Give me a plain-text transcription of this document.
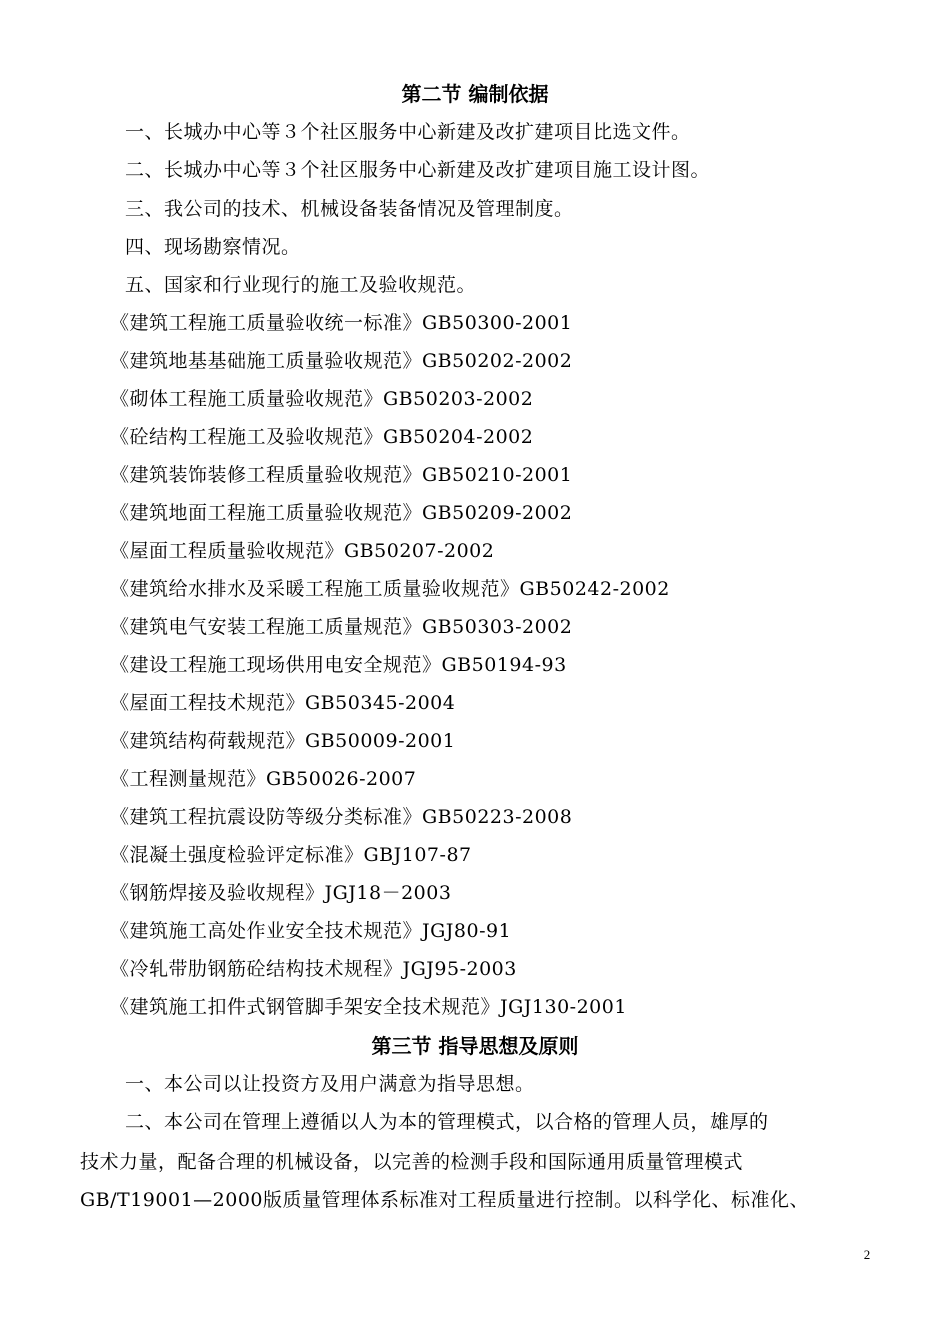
第二节 编制依据
一、长城办中心等３个社区服务中心新建及改扩建项目比选文件。
二、长城办中心等３个社区服务中心新建及改扩建项目施工设计图。
三、我公司的技术、机械设备装备情况及管理制度。
四、现场勘察情况。
五、国家和行业现行的施工及验收规范。
《建筑工程施工质量验收统一标准》GB50300-2001
《建筑地基基础施工质量验收规范》GB50202-2002
《砌体工程施工质量验收规范》GB50203-2002
《砼结构工程施工及验收规范》GB50204-2002
《建筑装饰装修工程质量验收规范》GB50210-2001
《建筑地面工程施工质量验收规范》GB50209-2002
《屋面工程质量验收规范》GB50207-2002
《建筑给水排水及采暖工程施工质量验收规范》GB50242-2002
《建筑电气安装工程施工质量规范》GB50303-2002
《建设工程施工现场供用电安全规范》GB50194-93
《屋面工程技术规范》GB50345-2004
《建筑结构荷载规范》GB50009-2001
《工程测量规范》GB50026-2007
《建筑工程抗震设防等级分类标准》GB50223-2008
《混凝土强度检验评定标准》GBJ107-87
《钢筋焊接及验收规程》JGJ18－2003
《建筑施工高处作业安全技术规范》JGJ80-91
《冷轧带肋钢筋砼结构技术规程》JGJ95-2003
《建筑施工扣件式钢管脚手架安全技术规范》JGJ130-2001
第三节 指导思想及原则
一、本公司以让投资方及用户满意为指导思想。
二、本公司在管理上遵循以人为本的管理模式，以合格的管理人员，雄厚的
技术力量，配备合理的机械设备，以完善的检测手段和国际通用质量管理模式
GB/T19001—2000版质量管理体系标准对工程质量进行控制。以科学化、标准化、
2
